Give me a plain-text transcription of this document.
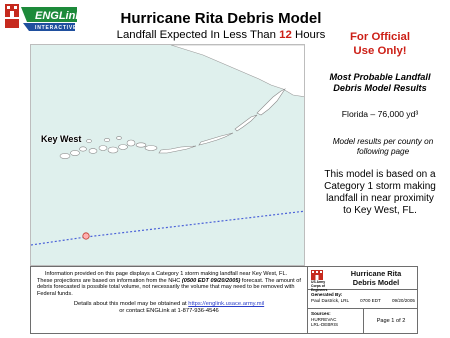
ENGLink
INTERACTIVE
Hurricane Rita Debris Model
Landfall Expected In Less Than 12 Hours
Key West
For Official
Use Only!
Most Probable Landfall
Debris Model Results
Florida – 76,000 yd³
Model results per county on
following page
This model is based on a
Category 1 storm making
landfall in near proximity
to Key West, FL.
Information provided on this page displays a Category 1 storm making landfall near Key West, FL. These projections are based on information from the NHC (0500 EDT 09/20/2005) forecast. The amount of debris forecasted is possible total volume, not necessarily the volume that may need to be removed with Federal funds.
Details about this model may be obtained at https://englink.usace.army.mil
or contact ENGLink at 1-877-936-4546
US Army Corps of Engineers
Hurricane Rita
Debris Model
Generated By:
Paul Dastrick, LRL 0700 EDT 09/20/2005
Sources:
HURREVAC
LRL-DEBRIS
Page 1 of 2
